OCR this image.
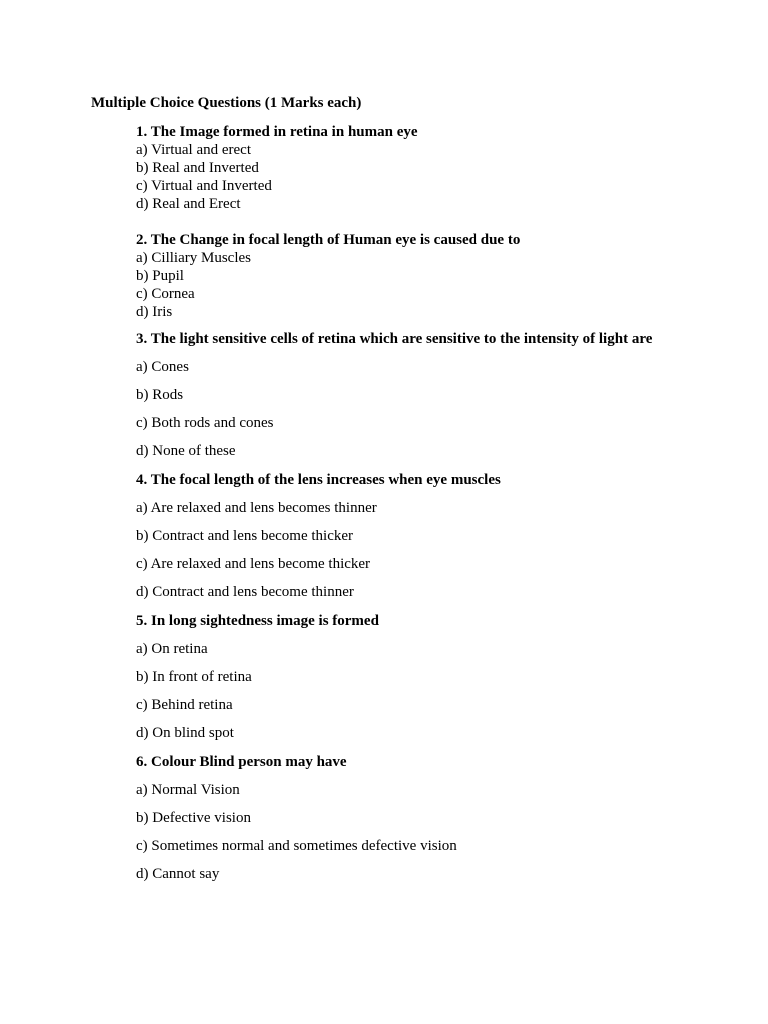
Multiple Choice Questions (1 Marks each)
1. The Image formed in retina in human eye
a) Virtual and erect
b) Real and Inverted
c) Virtual and Inverted
d) Real and Erect
2. The Change in focal length of Human eye is caused due to
a) Cilliary Muscles
b) Pupil
c) Cornea
d) Iris
3. The light sensitive cells of retina which are sensitive to the intensity of light are
a) Cones
b) Rods
c) Both rods and cones
d) None of these
4. The focal length of the lens increases when eye muscles
a) Are relaxed and lens becomes thinner
b) Contract and lens become thicker
c) Are relaxed and lens become thicker
d) Contract and lens become thinner
5. In long sightedness image is formed
a) On retina
b) In front of retina
c) Behind retina
d) On blind spot
6. Colour Blind person may have
a) Normal Vision
b) Defective vision
c) Sometimes normal and sometimes defective vision
d) Cannot say
